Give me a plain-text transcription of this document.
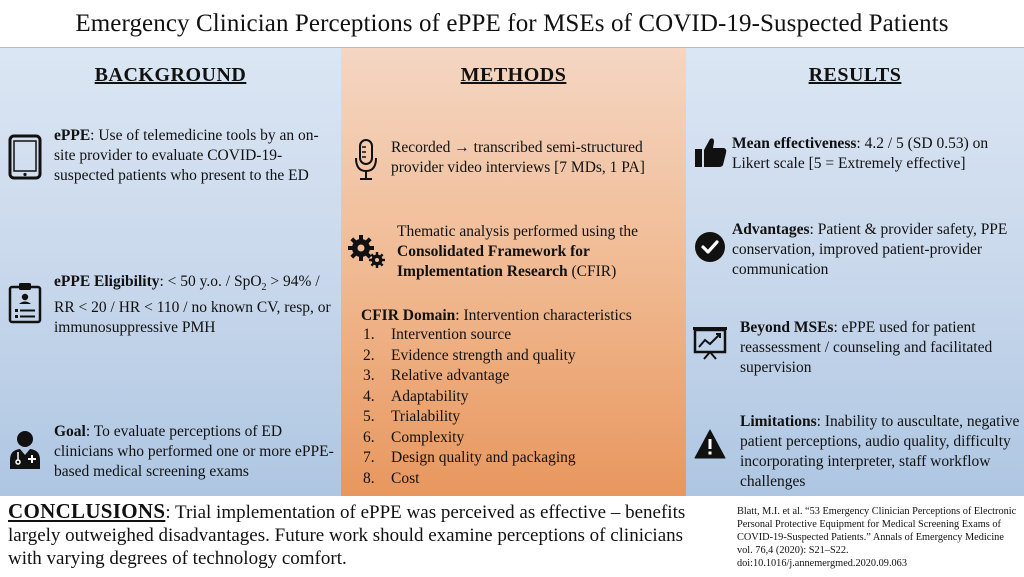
Emergency Clinician Perceptions of ePPE for MSEs of COVID-19-Suspected Patients
BACKGROUND
ePPE: Use of telemedicine tools by an on-site provider to evaluate COVID-19-suspected patients who present to the ED
ePPE Eligibility: < 50 y.o. / SpO$_2$ > 94% / RR < 20 / HR < 110 / no known CV, resp, or immunosuppressive PMH
Goal: To evaluate perceptions of ED clinicians who performed one or more ePPE-based medical screening exams
METHODS
Recorded → transcribed semi-structured provider video interviews [7 MDs, 1 PA]
Thematic analysis performed using the Consolidated Framework for Implementation Research (CFIR)
CFIR Domain: Intervention characteristics
1.	Intervention source
2.	Evidence strength and quality
3.	Relative advantage
4.	Adaptability
5.	Trialability
6.	Complexity
7.	Design quality and packaging
8.	Cost
RESULTS
Mean effectiveness: 4.2 / 5 (SD 0.53) on Likert scale [5 = Extremely effective]
Advantages: Patient & provider safety, PPE conservation, improved patient-provider communication
Beyond MSEs: ePPE used for patient reassessment / counseling and facilitated supervision
Limitations: Inability to auscultate, negative patient perceptions, audio quality, difficulty incorporating interpreter, staff workflow challenges
CONCLUSIONS: Trial implementation of ePPE was perceived as effective – benefits largely outweighed disadvantages. Future work should examine perceptions of clinicians with varying degrees of technology comfort.
Blatt, M.I. et al. “53 Emergency Clinician Perceptions of Electronic Personal Protective Equipment for Medical Screening Exams of COVID-19-Suspected Patients.” Annals of Emergency Medicine vol. 76,4 (2020): S21–S22. doi:10.1016/j.annemergmed.2020.09.063
